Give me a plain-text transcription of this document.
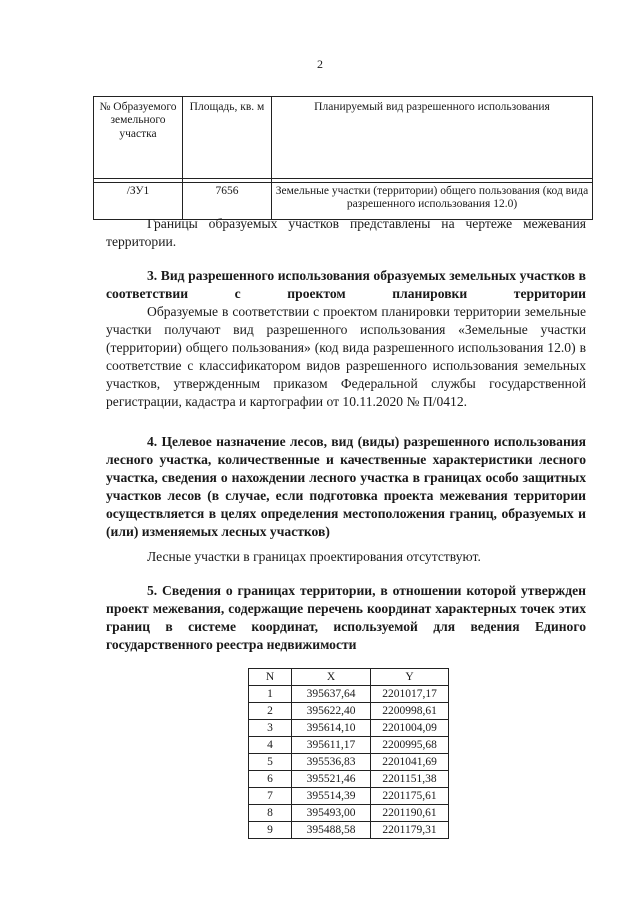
2
№ Образуемого земельного участка	Площадь, кв. м	Планируемый вид разрешенного использования

/ЗУ1	7656	Земельные участки (территории) общего пользования (код вида разрешенного использования 12.0)
Границы образуемых участков представлены на чертеже межевания территории.
3. Вид разрешенного использования образуемых земельных участков в соответствии с проектом планировки территории
Образуемые в соответствии с проектом планировки территории земельные участки получают вид разрешенного использования «Земельные участки (территории) общего пользования» (код вида разрешенного использования 12.0) в соответствие с классификатором видов разрешенного использования земельных участков, утвержденным приказом Федеральной службы государственной регистрации, кадастра и картографии от 10.11.2020 № П/0412.
4. Целевое назначение лесов, вид (виды) разрешенного использования лесного участка, количественные и качественные характеристики лесного участка, сведения о нахождении лесного участка в границах особо защитных участков лесов (в случае, если подготовка проекта межевания территории осуществляется в целях определения местоположения границ, образуемых и (или) изменяемых лесных участков)
Лесные участки в границах проектирования отсутствуют.
5. Сведения о границах территории, в отношении которой утвержден проект межевания, содержащие перечень координат характерных точек этих границ в системе координат, используемой для ведения Единого государственного реестра недвижимости
N	X	Y
1	395637,64	2201017,17
2	395622,40	2200998,61
3	395614,10	2201004,09
4	395611,17	2200995,68
5	395536,83	2201041,69
6	395521,46	2201151,38
7	395514,39	2201175,61
8	395493,00	2201190,61
9	395488,58	2201179,31
